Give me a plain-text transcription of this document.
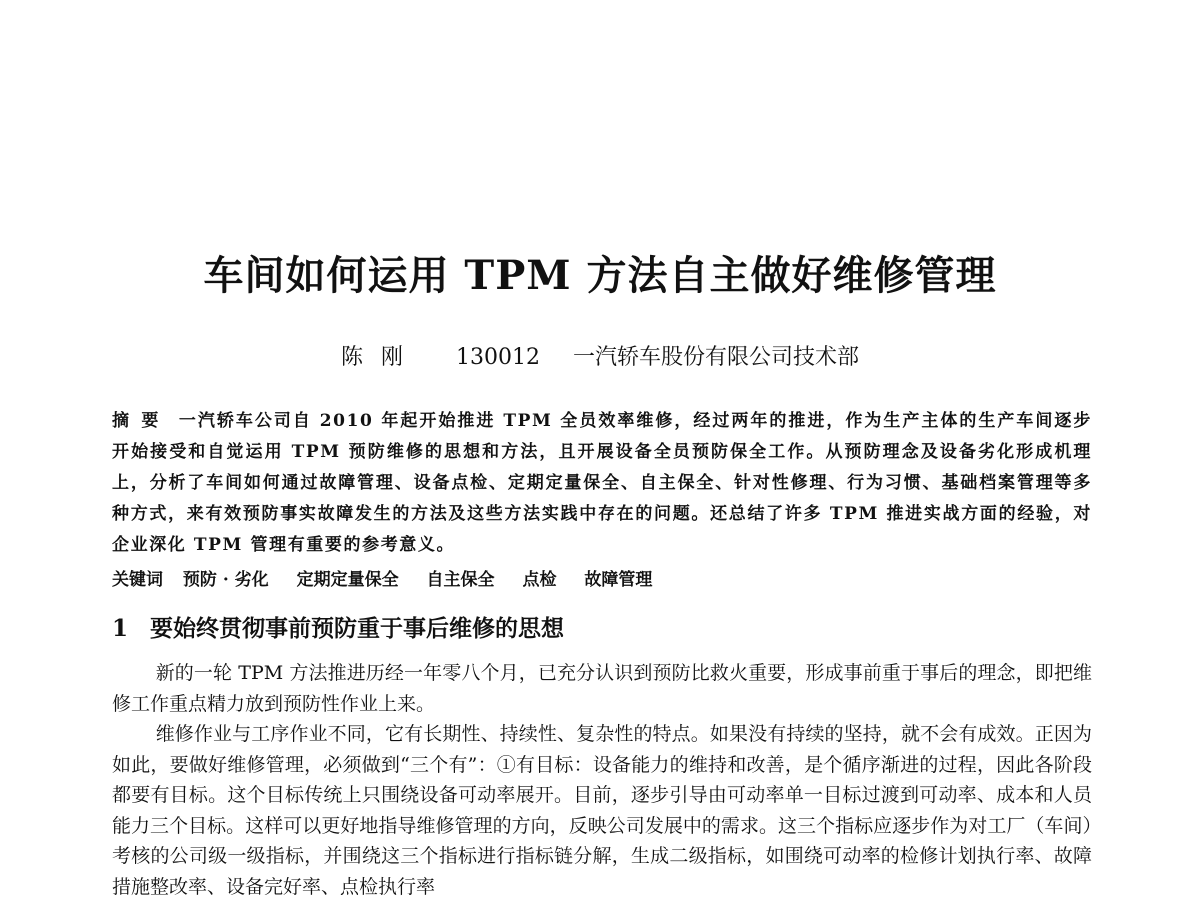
车间如何运用 TPM 方法自主做好维修管理
陈刚 130012 一汽轿车股份有限公司技术部
摘要 一汽轿车公司自 2010 年起开始推进 TPM 全员效率维修，经过两年的推进，作为生产主体的生产车间逐步开始接受和自觉运用 TPM 预防维修的思想和方法，且开展设备全员预防保全工作。从预防理念及设备劣化形成机理上，分析了车间如何通过故障管理、设备点检、定期定量保全、自主保全、针对性修理、行为习惯、基础档案管理等多种方式，来有效预防事实故障发生的方法及这些方法实践中存在的问题。还总结了许多 TPM 推进实战方面的经验，对企业深化 TPM 管理有重要的参考意义。
关键词 预防 · 劣化 定期定量保全 自主保全 点检 故障管理
1 要始终贯彻事前预防重于事后维修的思想

新的一轮 TPM 方法推进历经一年零八个月，已充分认识到预防比救火重要，形成事前重于事后的理念，即把维修工作重点精力放到预防性作业上来。

维修作业与工序作业不同，它有长期性、持续性、复杂性的特点。如果没有持续的坚持，就不会有成效。正因为如此，要做好维修管理，必须做到“三个有”：①有目标：设备能力的维持和改善，是个循序渐进的过程，因此各阶段都要有目标。这个目标传统上只围绕设备可动率展开。目前，逐步引导由可动率单一目标过渡到可动率、成本和人员能力三个目标。这样可以更好地指导维修管理的方向，反映公司发展中的需求。这三个指标应逐步作为对工厂（车间）考核的公司级一级指标，并围绕这三个指标进行指标链分解，生成二级指标，如围绕可动率的检修计划执行率、故障措施整改率、设备完好率、点检执行率
